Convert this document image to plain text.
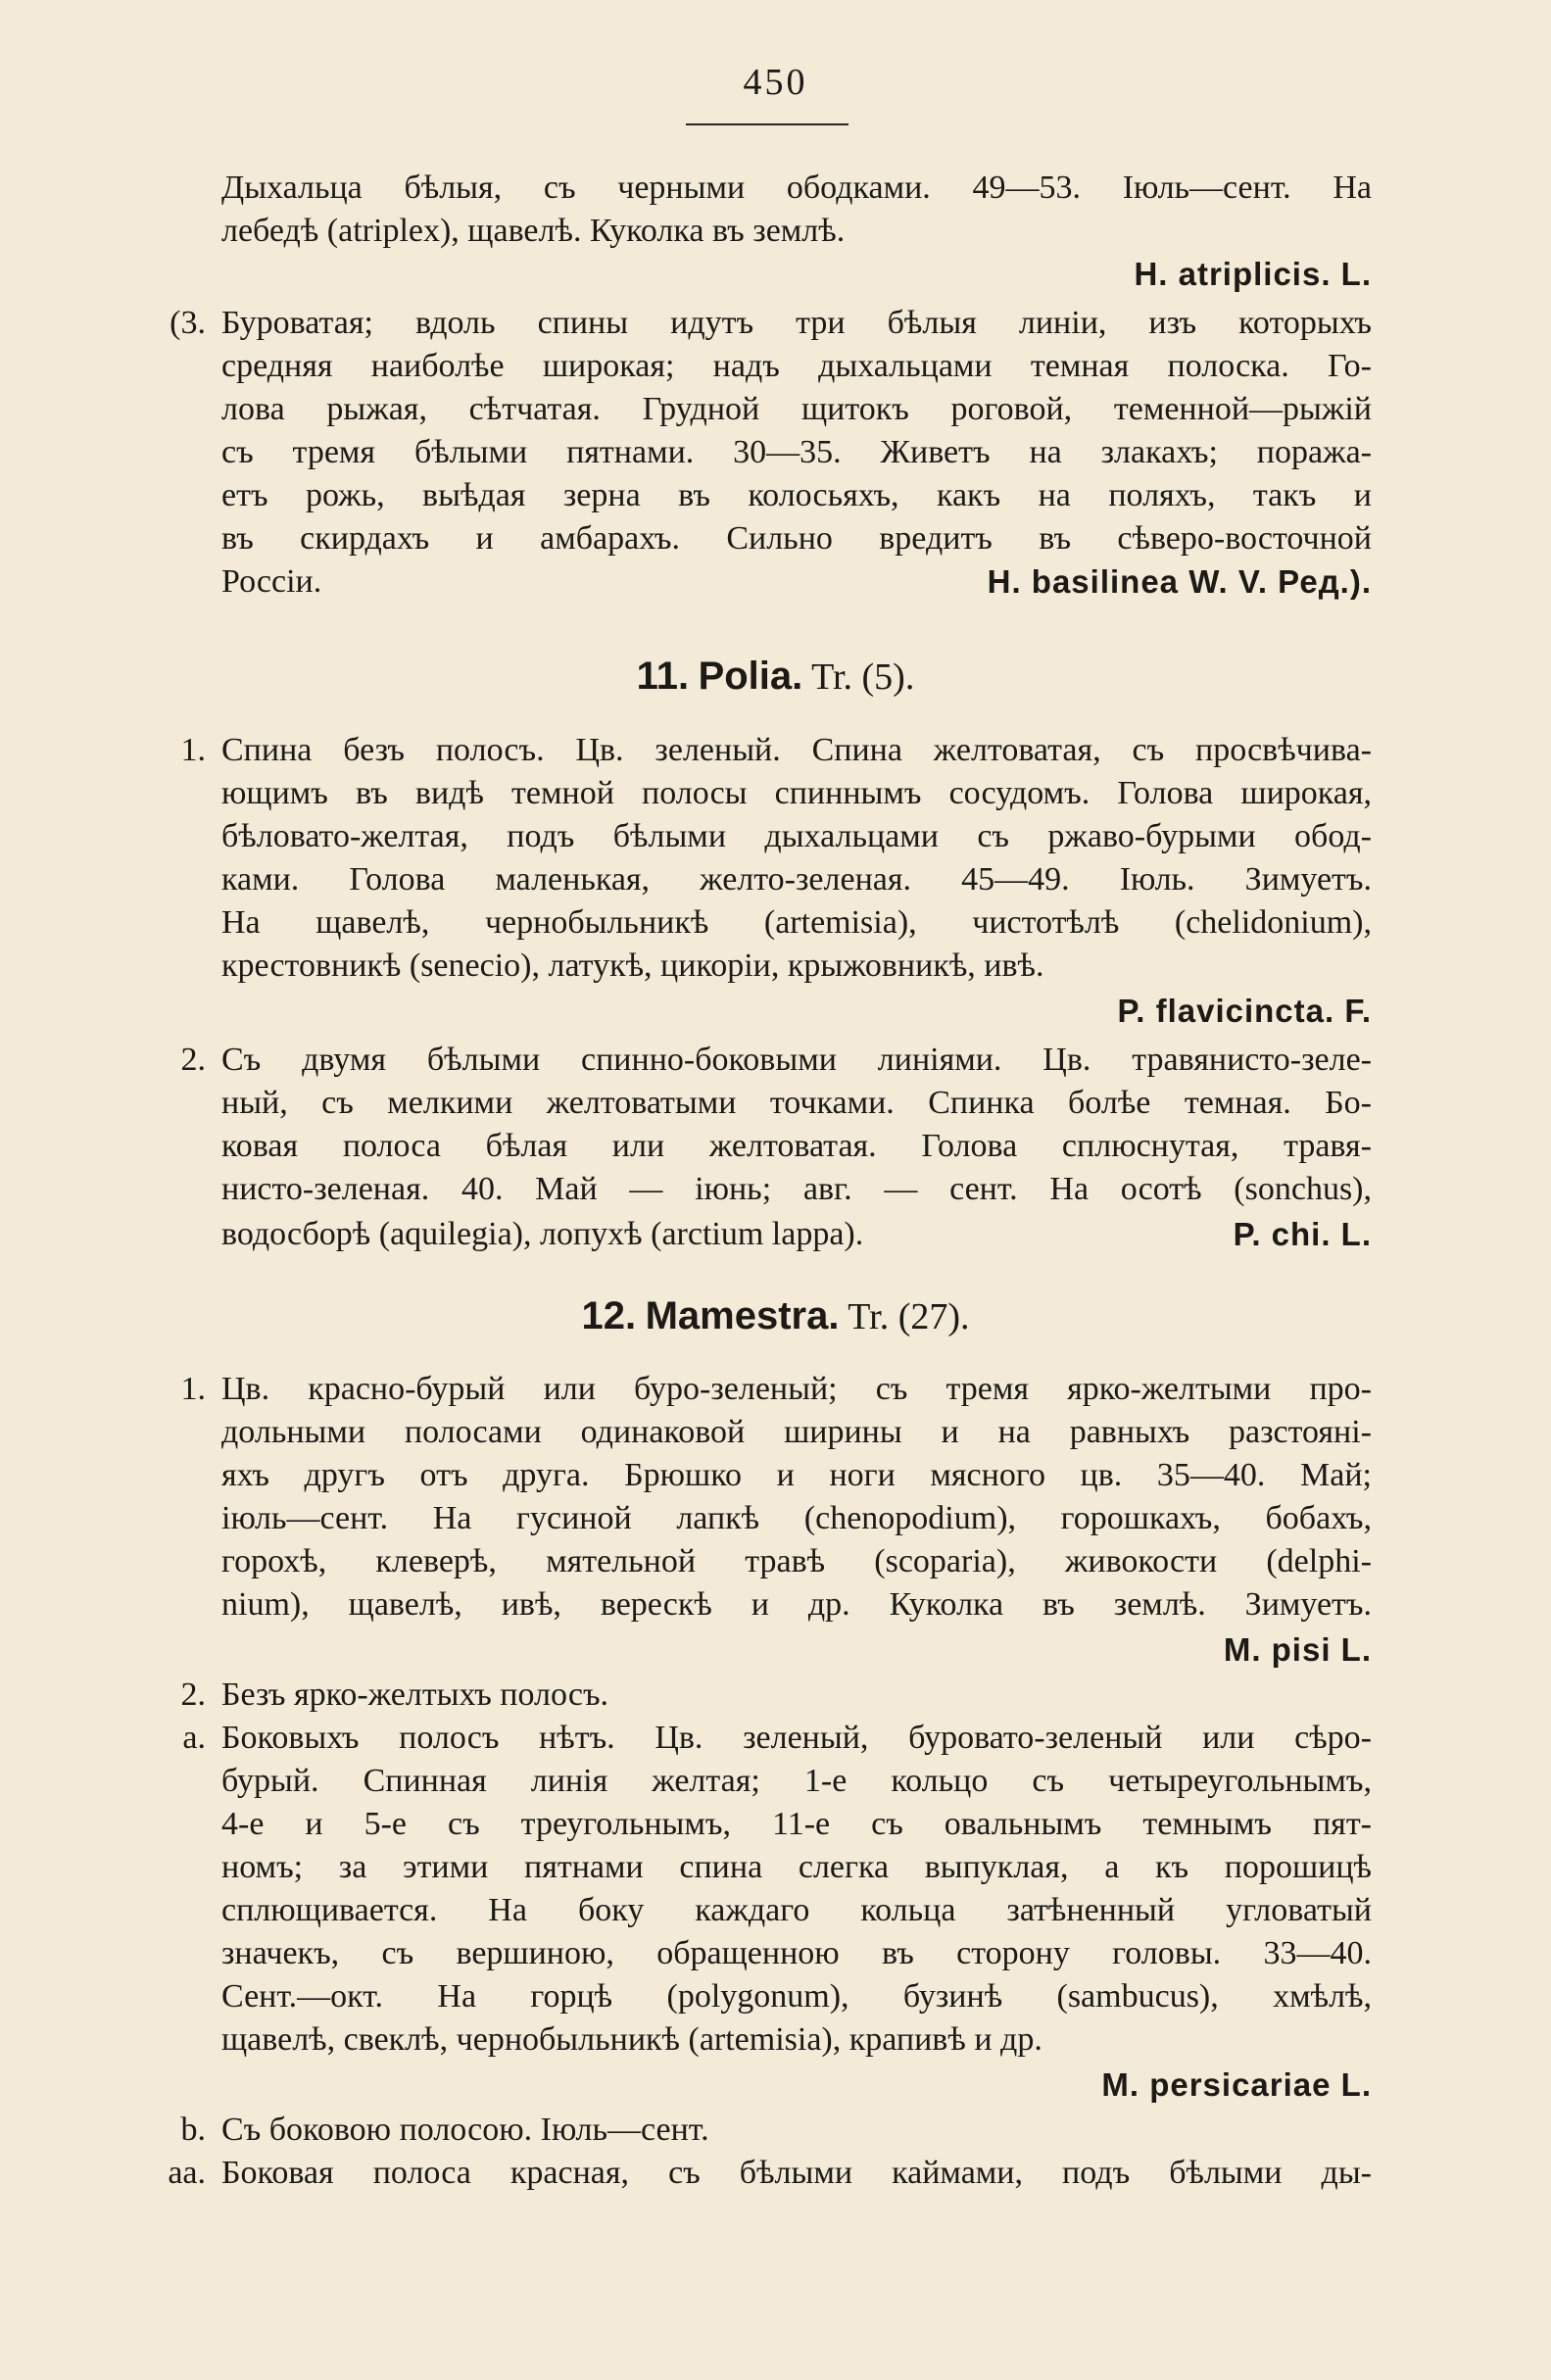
450
Дыхальца бѣлыя, съ черными ободками. 49—53. Іюль—сент. На
лебедѣ (atriplex), щавелѣ. Куколка въ землѣ.
H. atriplicis. L.
(3. Буроватая; вдоль спины идутъ три бѣлыя линіи, изъ которыхъ
средняя наиболѣе широкая; надъ дыхальцами темная полоска. Го-
лова рыжая, сѣтчатая. Грудной щитокъ роговой, теменной—рыжій
съ тремя бѣлыми пятнами. 30—35. Живетъ на злакахъ; поража-
етъ рожь, выѣдая зерна въ колосьяхъ, какъ на поляхъ, такъ и
въ скирдахъ и амбарахъ. Сильно вредитъ въ сѣверо-восточной
Россіи.	H. basilinea W. V. Ред.).
11. Polia. Tr. (5).
1. Спина безъ полосъ. Цв. зеленый. Спина желтоватая, съ просвѣчива-
ющимъ въ видѣ темной полосы спиннымъ сосудомъ. Голова широкая,
бѣловато-желтая, подъ бѣлыми дыхальцами съ ржаво-бурыми обод-
ками. Голова маленькая, желто-зеленая. 45—49. Іюль. Зимуетъ.
На щавелѣ, чернобыльникѣ (artemisia), чистотѣлѣ (chelidonium),
крестовникѣ (senecio), латукѣ, цикоріи, крыжовникѣ, ивѣ.
P. flavicincta. F.
2. Съ двумя бѣлыми спинно-боковыми линіями. Цв. травянисто-зеле-
ный, съ мелкими желтоватыми точками. Спинка болѣе темная. Бо-
ковая полоса бѣлая или желтоватая. Голова сплюснутая, травя-
нисто-зеленая. 40. Май — іюнь; авг. — сент. На осотѣ (sonchus),
водосборѣ (aquilegia), лопухѣ (arctium lappa).	P. chi. L.
12. Mamestra. Tr. (27).
1. Цв. красно-бурый или буро-зеленый; съ тремя ярко-желтыми про-
дольными полосами одинаковой ширины и на равныхъ разстояні-
яхъ другъ отъ друга. Брюшко и ноги мясного цв. 35—40. Май;
іюль—сент. На гусиной лапкѣ (chenopodium), горошкахъ, бобахъ,
горохѣ, клеверѣ, мятельной травѣ (scoparia), живокости (delphi-
nium), щавелѣ, ивѣ, верескѣ и др. Куколка въ землѣ. Зимуетъ.
M. pisi L.
2. Безъ ярко-желтыхъ полосъ.
a. Боковыхъ полосъ нѣтъ. Цв. зеленый, буровато-зеленый или сѣро-
бурый. Спинная линія желтая; 1-е кольцо съ четыреугольнымъ,
4-е и 5-е съ треугольнымъ, 11-е съ овальнымъ темнымъ пят-
номъ; за этими пятнами спина слегка выпуклая, а къ порошицѣ
сплющивается. На боку каждаго кольца затѣненный угловатый
значекъ, съ вершиною, обращенною въ сторону головы. 33—40.
Сент.—окт. На горцѣ (polygonum), бузинѣ (sambucus), хмѣлѣ,
щавелѣ, свеклѣ, чернобыльникѣ (artemisia), крапивѣ и др.
M. persicariae L.
b. Съ боковою полосою. Іюль—сент.
aa. Боковая полоса красная, съ бѣлыми каймами, подъ бѣлыми ды-
